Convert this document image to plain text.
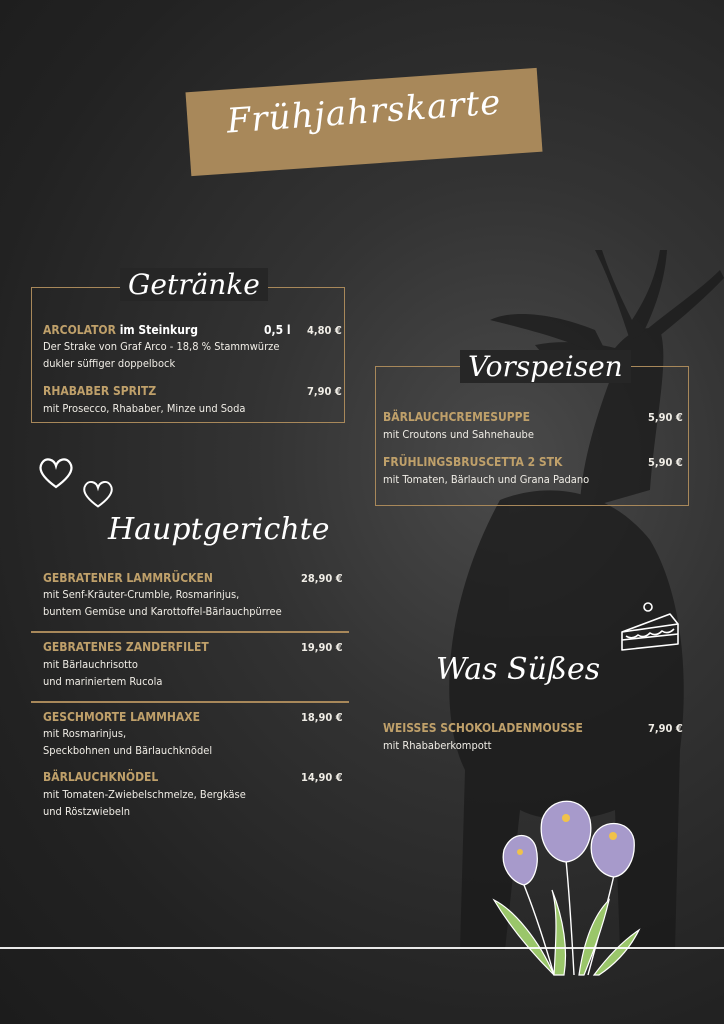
Frühjahrskarte
Getränke
ARCOLATOR im Steinkurg	0,5 l 4,80 €
Der Strake von Graf Arco - 18,8 % Stammwürze
dukler süffiger doppelbock
RHABABER SPRITZ	7,90 €
mit Prosecco, Rhababer, Minze und Soda
Vorspeisen
BÄRLAUCHCREMESUPPE	5,90 €
mit Croutons und Sahnehaube
FRÜHLINGSBRUSCETTA 2 STK	5,90 €
mit Tomaten, Bärlauch und Grana Padano
Hauptgerichte
GEBRATENER LAMMRÜCKEN	28,90 €
mit Senf-Kräuter-Crumble, Rosmarinjus,
buntem Gemüse und Karottoffel-Bärlauchpürree
GEBRATENES ZANDERFILET	19,90 €
mit Bärlauchrisotto
und mariniertem Rucola
GESCHMORTE LAMMHAXE	18,90 €
mit Rosmarinjus,
Speckbohnen und Bärlauchknödel
BÄRLAUCHKNÖDEL	14,90 €
mit Tomaten-Zwiebelschmelze, Bergkäse
und Röstzwiebeln
Was Süßes
WEISSES SCHOKOLADENMOUSSE	7,90 €
mit Rhababerkompott
